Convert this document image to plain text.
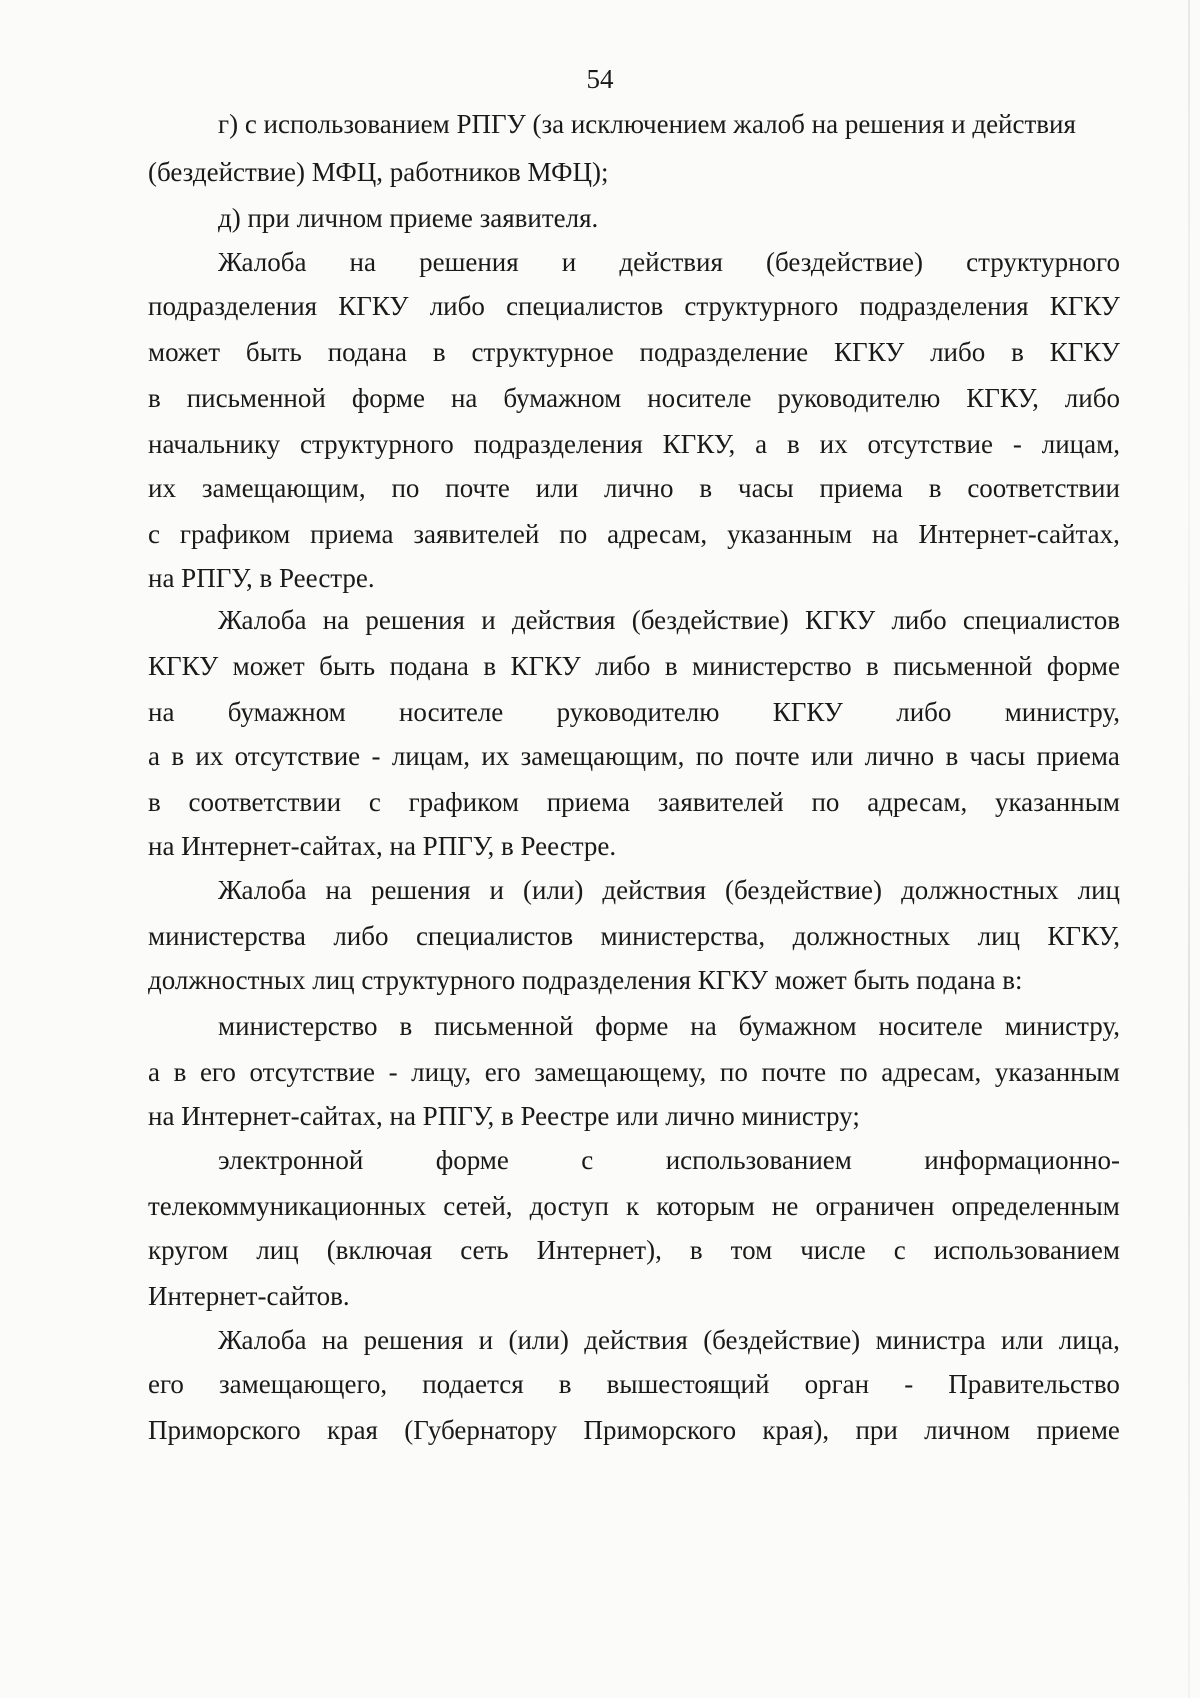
54
г) с использованием РПГУ (за исключением жалоб на решения и действия
(бездействие) МФЦ, работников МФЦ);
д) при личном приеме заявителя.
Жалоба на решения и действия (бездействие) структурного
подразделения КГКУ либо специалистов структурного подразделения КГКУ
может быть подана в структурное подразделение КГКУ либо в КГКУ
в письменной форме на бумажном носителе руководителю КГКУ, либо
начальнику структурного подразделения КГКУ, а в их отсутствие - лицам,
их замещающим, по почте или лично в часы приема в соответствии
с графиком приема заявителей по адресам, указанным на Интернет-сайтах,
на РПГУ, в Реестре.
Жалоба на решения и действия (бездействие) КГКУ либо специалистов
КГКУ может быть подана в КГКУ либо в министерство в письменной форме
на бумажном носителе руководителю КГКУ либо министру,
а в их отсутствие - лицам, их замещающим, по почте или лично в часы приема
в соответствии с графиком приема заявителей по адресам, указанным
на Интернет-сайтах, на РПГУ, в Реестре.
Жалоба на решения и (или) действия (бездействие) должностных лиц
министерства либо специалистов министерства, должностных лиц КГКУ,
должностных лиц структурного подразделения КГКУ может быть подана в:
министерство в письменной форме на бумажном носителе министру,
а в его отсутствие - лицу, его замещающему, по почте по адресам, указанным
на Интернет-сайтах, на РПГУ, в Реестре или лично министру;
электронной	форме	с	использованием	информационно-
телекоммуникационных сетей, доступ к которым не ограничен определенным
кругом лиц (включая сеть Интернет), в том числе с использованием
Интернет-сайтов.
Жалоба на решения и (или) действия (бездействие) министра или лица,
его замещающего, подается в вышестоящий орган - Правительство
Приморского края (Губернатору Приморского края), при личном приеме
